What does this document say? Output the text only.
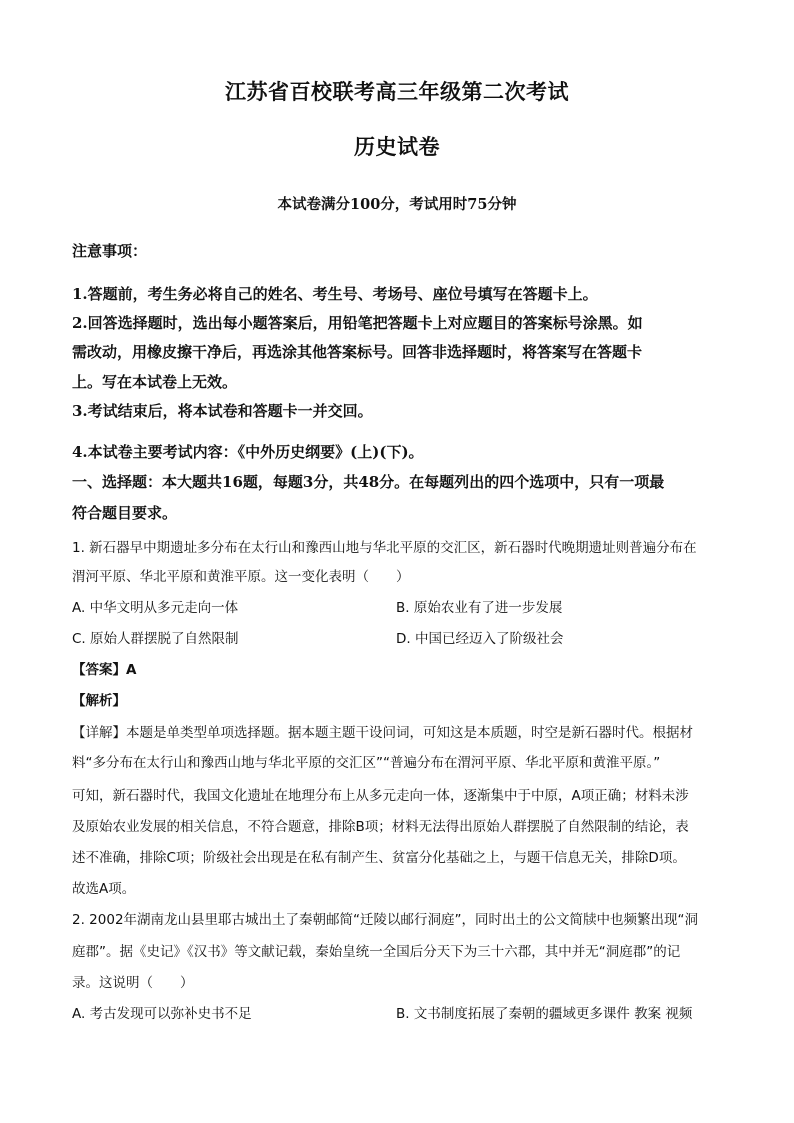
江苏省百校联考高三年级第二次考试
历史试卷
本试卷满分100分，考试用时75分钟
注意事项：
1.答题前，考生务必将自己的姓名、考生号、考场号、座位号填写在答题卡上。
2.回答选择题时，选出每小题答案后，用铅笔把答题卡上对应题目的答案标号涂黑。如
需改动，用橡皮擦干净后，再选涂其他答案标号。回答非选择题时，将答案写在答题卡
上。写在本试卷上无效。
3.考试结束后，将本试卷和答题卡一并交回。
4.本试卷主要考试内容：《中外历史纲要》(上)(下)。
一、选择题：本大题共16题，每题3分，共48分。在每题列出的四个选项中，只有一项最
符合题目要求。
1. 新石器早中期遗址多分布在太行山和豫西山地与华北平原的交汇区，新石器时代晚期遗址则普遍分布在
渭河平原、华北平原和黄淮平原。这一变化表明（　　）
A. 中华文明从多元走向一体	B. 原始农业有了进一步发展
C. 原始人群摆脱了自然限制	D. 中国已经迈入了阶级社会
【答案】A
【解析】
【详解】本题是单类型单项选择题。据本题主题干设问词，可知这是本质题，时空是新石器时代。根据材
料“多分布在太行山和豫西山地与华北平原的交汇区”“普遍分布在渭河平原、华北平原和黄淮平原。”
可知，新石器时代，我国文化遗址在地理分布上从多元走向一体，逐渐集中于中原，A项正确；材料未涉
及原始农业发展的相关信息，不符合题意，排除B项；材料无法得出原始人群摆脱了自然限制的结论，表
述不准确，排除C项；阶级社会出现是在私有制产生、贫富分化基础之上，与题干信息无关，排除D项。
故选A项。
2. 2002年湖南龙山县里耶古城出土了秦朝邮简“迁陵以邮行洞庭”，同时出土的公文简牍中也频繁出现“洞
庭郡”。据《史记》《汉书》等文献记载，秦始皇统一全国后分天下为三十六郡，其中并无“洞庭郡”的记
录。这说明（　　）
A. 考古发现可以弥补史书不足	B. 文书制度拓展了秦朝的疆域更多课件 教案 视频
